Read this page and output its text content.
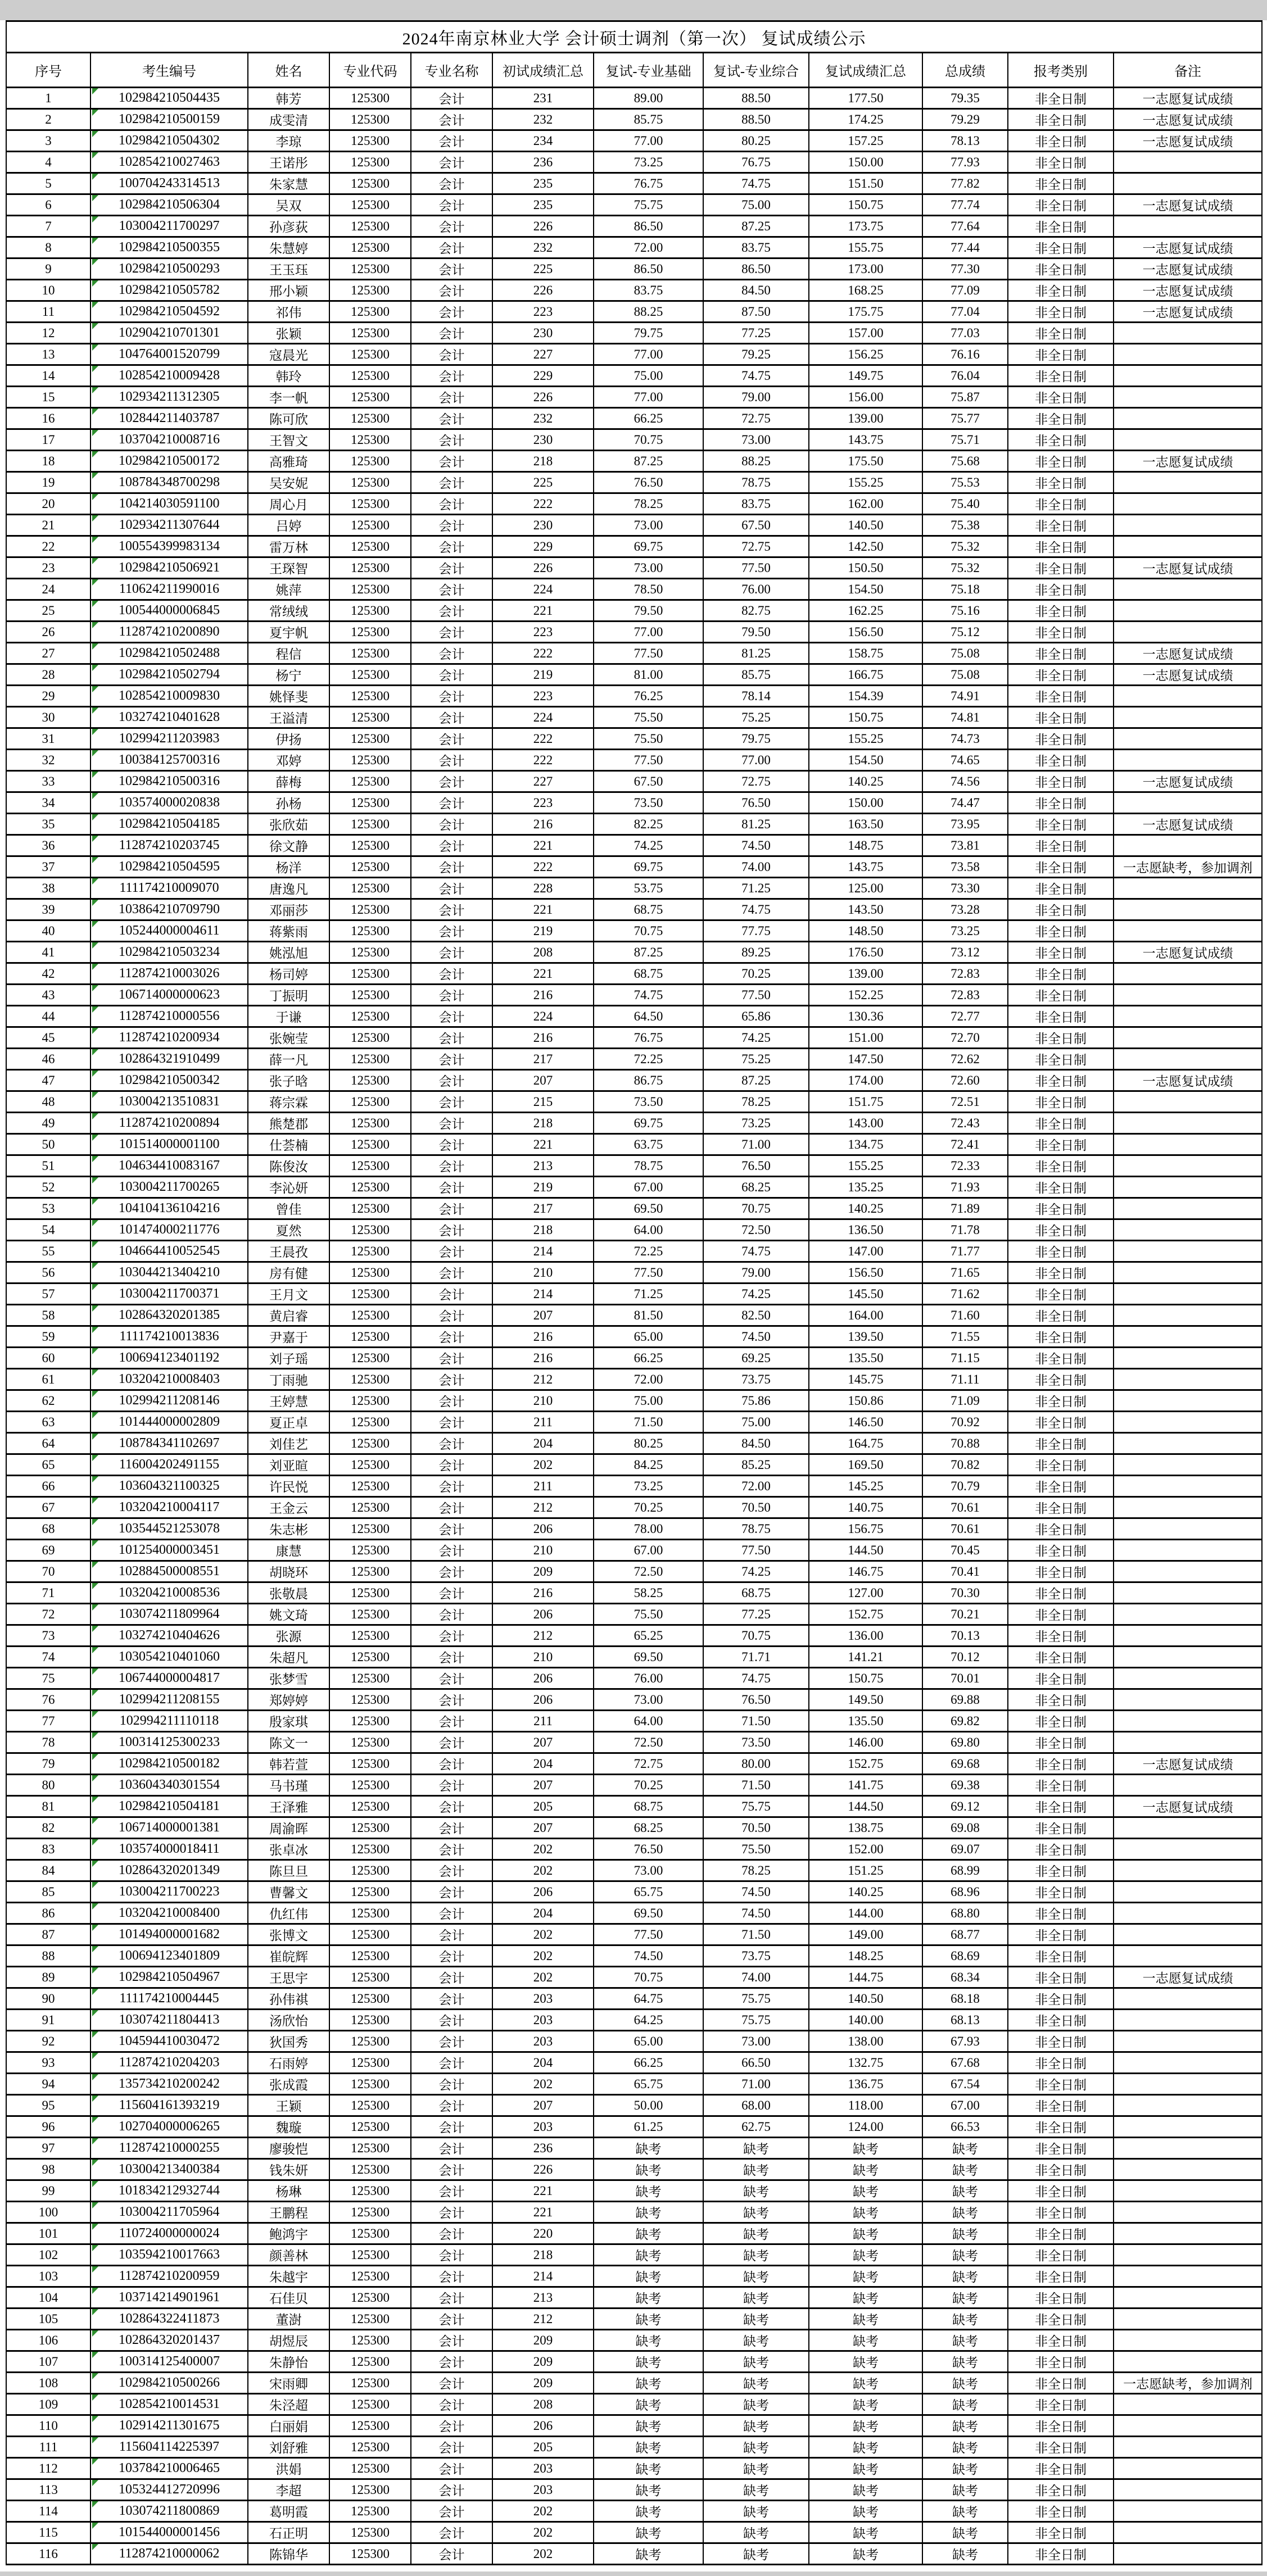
2024年南京林业大学 会计硕士调剂（第一次） 复试成绩公示											
序号	考生编号	姓名	专业代码	专业名称	初试成绩汇总	复试-专业基础	复试-专业综合	复试成绩汇总	总成绩	报考类别	备注
1	102984210504435	韩芳	125300	会计	231	89.00	88.50	177.50	79.35	非全日制	一志愿复试成绩
2	102984210500159	成雯清	125300	会计	232	85.75	88.50	174.25	79.29	非全日制	一志愿复试成绩
3	102984210504302	李琼	125300	会计	234	77.00	80.25	157.25	78.13	非全日制	一志愿复试成绩
4	102854210027463	王诺彤	125300	会计	236	73.25	76.75	150.00	77.93	非全日制	
5	100704243314513	朱家慧	125300	会计	235	76.75	74.75	151.50	77.82	非全日制	
6	102984210506304	吴双	125300	会计	235	75.75	75.00	150.75	77.74	非全日制	一志愿复试成绩
7	103004211700297	孙彦荻	125300	会计	226	86.50	87.25	173.75	77.64	非全日制	
8	102984210500355	朱慧婷	125300	会计	232	72.00	83.75	155.75	77.44	非全日制	一志愿复试成绩
9	102984210500293	王玉珏	125300	会计	225	86.50	86.50	173.00	77.30	非全日制	一志愿复试成绩
10	102984210505782	邢小颖	125300	会计	226	83.75	84.50	168.25	77.09	非全日制	一志愿复试成绩
11	102984210504592	祁伟	125300	会计	223	88.25	87.50	175.75	77.04	非全日制	一志愿复试成绩
12	102904210701301	张颖	125300	会计	230	79.75	77.25	157.00	77.03	非全日制	
13	104764001520799	寇晨光	125300	会计	227	77.00	79.25	156.25	76.16	非全日制	
14	102854210009428	韩玲	125300	会计	229	75.00	74.75	149.75	76.04	非全日制	
15	102934211312305	李一帆	125300	会计	226	77.00	79.00	156.00	75.87	非全日制	
16	102844211403787	陈可欣	125300	会计	232	66.25	72.75	139.00	75.77	非全日制	
17	103704210008716	王智文	125300	会计	230	70.75	73.00	143.75	75.71	非全日制	
18	102984210500172	高雅琦	125300	会计	218	87.25	88.25	175.50	75.68	非全日制	一志愿复试成绩
19	108784348700298	吴安妮	125300	会计	225	76.50	78.75	155.25	75.53	非全日制	
20	104214030591100	周心月	125300	会计	222	78.25	83.75	162.00	75.40	非全日制	
21	102934211307644	吕婷	125300	会计	230	73.00	67.50	140.50	75.38	非全日制	
22	100554399983134	雷万林	125300	会计	229	69.75	72.75	142.50	75.32	非全日制	
23	102984210506921	王琛智	125300	会计	226	73.00	77.50	150.50	75.32	非全日制	一志愿复试成绩
24	110624211990016	姚萍	125300	会计	224	78.50	76.00	154.50	75.18	非全日制	
25	100544000006845	常绒绒	125300	会计	221	79.50	82.75	162.25	75.16	非全日制	
26	112874210200890	夏宇帆	125300	会计	223	77.00	79.50	156.50	75.12	非全日制	
27	102984210502488	程信	125300	会计	222	77.50	81.25	158.75	75.08	非全日制	一志愿复试成绩
28	102984210502794	杨宁	125300	会计	219	81.00	85.75	166.75	75.08	非全日制	一志愿复试成绩
29	102854210009830	姚怿斐	125300	会计	223	76.25	78.14	154.39	74.91	非全日制	
30	103274210401628	王溢清	125300	会计	224	75.50	75.25	150.75	74.81	非全日制	
31	102994211203983	伊扬	125300	会计	222	75.50	79.75	155.25	74.73	非全日制	
32	100384125700316	邓婷	125300	会计	222	77.50	77.00	154.50	74.65	非全日制	
33	102984210500316	薛梅	125300	会计	227	67.50	72.75	140.25	74.56	非全日制	一志愿复试成绩
34	103574000020838	孙杨	125300	会计	223	73.50	76.50	150.00	74.47	非全日制	
35	102984210504185	张欣茹	125300	会计	216	82.25	81.25	163.50	73.95	非全日制	一志愿复试成绩
36	112874210203745	徐文静	125300	会计	221	74.25	74.50	148.75	73.81	非全日制	
37	102984210504595	杨洋	125300	会计	222	69.75	74.00	143.75	73.58	非全日制	一志愿缺考，参加调剂
38	111174210009070	唐逸凡	125300	会计	228	53.75	71.25	125.00	73.30	非全日制	
39	103864210709790	邓丽莎	125300	会计	221	68.75	74.75	143.50	73.28	非全日制	
40	105244000004611	蒋紫雨	125300	会计	219	70.75	77.75	148.50	73.25	非全日制	
41	102984210503234	姚泓旭	125300	会计	208	87.25	89.25	176.50	73.12	非全日制	一志愿复试成绩
42	112874210003026	杨司婷	125300	会计	221	68.75	70.25	139.00	72.83	非全日制	
43	106714000000623	丁振明	125300	会计	216	74.75	77.50	152.25	72.83	非全日制	
44	112874210000556	于谦	125300	会计	224	64.50	65.86	130.36	72.77	非全日制	
45	112874210200934	张婉莹	125300	会计	216	76.75	74.25	151.00	72.70	非全日制	
46	102864321910499	薛一凡	125300	会计	217	72.25	75.25	147.50	72.62	非全日制	
47	102984210500342	张子晗	125300	会计	207	86.75	87.25	174.00	72.60	非全日制	一志愿复试成绩
48	103004213510831	蒋宗霖	125300	会计	215	73.50	78.25	151.75	72.51	非全日制	
49	112874210200894	熊楚郡	125300	会计	218	69.75	73.25	143.00	72.43	非全日制	
50	101514000001100	仕荟楠	125300	会计	221	63.75	71.00	134.75	72.41	非全日制	
51	104634410083167	陈俊汝	125300	会计	213	78.75	76.50	155.25	72.33	非全日制	
52	103004211700265	李沁妍	125300	会计	219	67.00	68.25	135.25	71.93	非全日制	
53	104104136104216	曾佳	125300	会计	217	69.50	70.75	140.25	71.89	非全日制	
54	101474000211776	夏然	125300	会计	218	64.00	72.50	136.50	71.78	非全日制	
55	104664410052545	王晨孜	125300	会计	214	72.25	74.75	147.00	71.77	非全日制	
56	103044213404210	房有健	125300	会计	210	77.50	79.00	156.50	71.65	非全日制	
57	103004211700371	王月文	125300	会计	214	71.25	74.25	145.50	71.62	非全日制	
58	102864320201385	黄启睿	125300	会计	207	81.50	82.50	164.00	71.60	非全日制	
59	111174210013836	尹嘉于	125300	会计	216	65.00	74.50	139.50	71.55	非全日制	
60	100694123401192	刘子瑶	125300	会计	216	66.25	69.25	135.50	71.15	非全日制	
61	103204210008403	丁雨驰	125300	会计	212	72.00	73.75	145.75	71.11	非全日制	
62	102994211208146	王婷慧	125300	会计	210	75.00	75.86	150.86	71.09	非全日制	
63	101444000002809	夏正卓	125300	会计	211	71.50	75.00	146.50	70.92	非全日制	
64	108784341102697	刘佳艺	125300	会计	204	80.25	84.50	164.75	70.88	非全日制	
65	116004202491155	刘亚暄	125300	会计	202	84.25	85.25	169.50	70.82	非全日制	
66	103604321100325	许民悦	125300	会计	211	73.25	72.00	145.25	70.79	非全日制	
67	103204210004117	王金云	125300	会计	212	70.25	70.50	140.75	70.61	非全日制	
68	103544521253078	朱志彬	125300	会计	206	78.00	78.75	156.75	70.61	非全日制	
69	101254000003451	康慧	125300	会计	210	67.00	77.50	144.50	70.45	非全日制	
70	102884500008551	胡晓环	125300	会计	209	72.50	74.25	146.75	70.41	非全日制	
71	103204210008536	张敬晨	125300	会计	216	58.25	68.75	127.00	70.30	非全日制	
72	103074211809964	姚文琦	125300	会计	206	75.50	77.25	152.75	70.21	非全日制	
73	103274210404626	张源	125300	会计	212	65.25	70.75	136.00	70.13	非全日制	
74	103054210401060	朱超凡	125300	会计	210	69.50	71.71	141.21	70.12	非全日制	
75	106744000004817	张梦雪	125300	会计	206	76.00	74.75	150.75	70.01	非全日制	
76	102994211208155	郑婷婷	125300	会计	206	73.00	76.50	149.50	69.88	非全日制	
77	102994211110118	殷家琪	125300	会计	211	64.00	71.50	135.50	69.82	非全日制	
78	100314125300233	陈文一	125300	会计	207	72.50	73.50	146.00	69.80	非全日制	
79	102984210500182	韩若萱	125300	会计	204	72.75	80.00	152.75	69.68	非全日制	一志愿复试成绩
80	103604340301554	马书瑾	125300	会计	207	70.25	71.50	141.75	69.38	非全日制	
81	102984210504181	王泽雅	125300	会计	205	68.75	75.75	144.50	69.12	非全日制	一志愿复试成绩
82	106714000001381	周渝晖	125300	会计	207	68.25	70.50	138.75	69.08	非全日制	
83	103574000018411	张卓冰	125300	会计	202	76.50	75.50	152.00	69.07	非全日制	
84	102864320201349	陈旦旦	125300	会计	202	73.00	78.25	151.25	68.99	非全日制	
85	103004211700223	曹馨文	125300	会计	206	65.75	74.50	140.25	68.96	非全日制	
86	103204210008400	仇红伟	125300	会计	204	69.50	74.50	144.00	68.80	非全日制	
87	101494000001682	张博文	125300	会计	202	77.50	71.50	149.00	68.77	非全日制	
88	100694123401809	崔皖辉	125300	会计	202	74.50	73.75	148.25	68.69	非全日制	
89	102984210504967	王思宇	125300	会计	202	70.75	74.00	144.75	68.34	非全日制	一志愿复试成绩
90	111174210004445	孙伟祺	125300	会计	203	64.75	75.75	140.50	68.18	非全日制	
91	103074211804413	汤欣怡	125300	会计	203	64.25	75.75	140.00	68.13	非全日制	
92	104594410030472	狄国秀	125300	会计	203	65.00	73.00	138.00	67.93	非全日制	
93	112874210204203	石雨婷	125300	会计	204	66.25	66.50	132.75	67.68	非全日制	
94	135734210200242	张成霞	125300	会计	202	65.75	71.00	136.75	67.54	非全日制	
95	115604161393219	王颖	125300	会计	207	50.00	68.00	118.00	67.00	非全日制	
96	102704000006265	魏璇	125300	会计	203	61.25	62.75	124.00	66.53	非全日制	
97	112874210000255	廖骏恺	125300	会计	236	缺考	缺考	缺考	缺考	非全日制	
98	103004213400384	钱朱妍	125300	会计	226	缺考	缺考	缺考	缺考	非全日制	
99	101834212932744	杨琳	125300	会计	221	缺考	缺考	缺考	缺考	非全日制	
100	103004211705964	王鹏程	125300	会计	221	缺考	缺考	缺考	缺考	非全日制	
101	110724000000024	鲍鸿宇	125300	会计	220	缺考	缺考	缺考	缺考	非全日制	
102	103594210017663	颜善林	125300	会计	218	缺考	缺考	缺考	缺考	非全日制	
103	112874210200959	朱越宇	125300	会计	214	缺考	缺考	缺考	缺考	非全日制	
104	103714214901961	石佳贝	125300	会计	213	缺考	缺考	缺考	缺考	非全日制	
105	102864322411873	董澍	125300	会计	212	缺考	缺考	缺考	缺考	非全日制	
106	102864320201437	胡煜辰	125300	会计	209	缺考	缺考	缺考	缺考	非全日制	
107	100314125400007	朱静怡	125300	会计	209	缺考	缺考	缺考	缺考	非全日制	
108	102984210500266	宋雨卿	125300	会计	209	缺考	缺考	缺考	缺考	非全日制	一志愿缺考，参加调剂
109	102854210014531	朱泾超	125300	会计	208	缺考	缺考	缺考	缺考	非全日制	
110	102914211301675	白丽娟	125300	会计	206	缺考	缺考	缺考	缺考	非全日制	
111	115604114225397	刘舒雅	125300	会计	205	缺考	缺考	缺考	缺考	非全日制	
112	103784210006465	洪娟	125300	会计	203	缺考	缺考	缺考	缺考	非全日制	
113	105324412720996	李超	125300	会计	203	缺考	缺考	缺考	缺考	非全日制	
114	103074211800869	葛明霞	125300	会计	202	缺考	缺考	缺考	缺考	非全日制	
115	101544000001456	石正明	125300	会计	202	缺考	缺考	缺考	缺考	非全日制	
116	112874210000062	陈锦华	125300	会计	202	缺考	缺考	缺考	缺考	非全日制	
